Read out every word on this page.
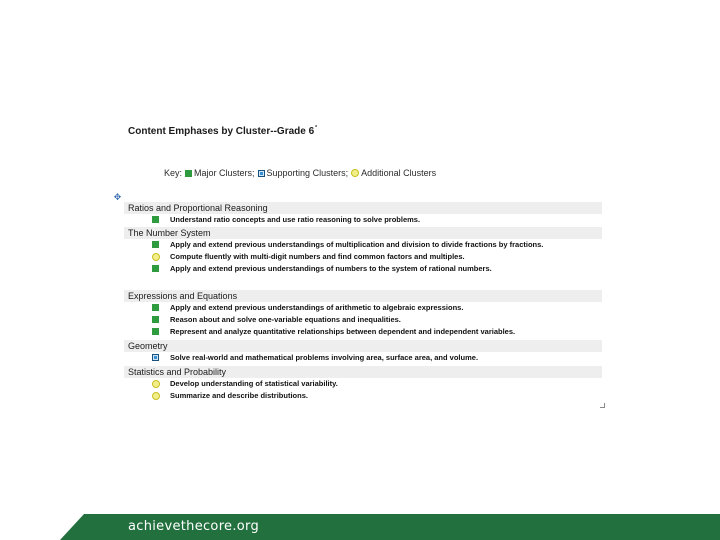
Content Emphases by Cluster--Grade 6*
Key: Major Clusters; Supporting Clusters; Additional Clusters
✥
Ratios and Proportional Reasoning
Understand ratio concepts and use ratio reasoning to solve problems.
The Number System
Apply and extend previous understandings of multiplication and division to divide fractions by fractions.
Compute fluently with multi-digit numbers and find common factors and multiples.
Apply and extend previous understandings of numbers to the system of rational numbers.
Expressions and Equations
Apply and extend previous understandings of arithmetic to algebraic expressions.
Reason about and solve one-variable equations and inequalities.
Represent and analyze quantitative relationships between dependent and independent variables.
Geometry
Solve real-world and mathematical problems involving area, surface area, and volume.
Statistics and Probability
Develop understanding of statistical variability.
Summarize and describe distributions.
achievethecore.org
